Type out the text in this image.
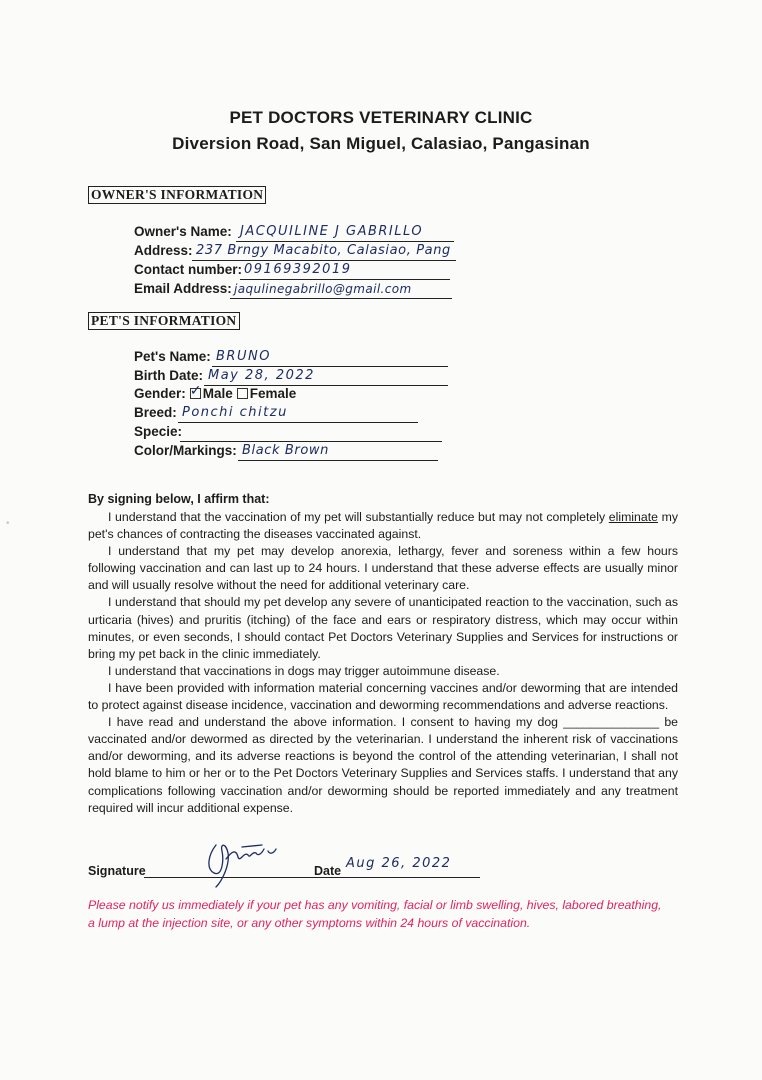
PET DOCTORS VETERINARY CLINIC
Diversion Road, San Miguel, Calasiao, Pangasinan
OWNER'S INFORMATION
Owner's Name: JACQUILINE J GABRILLO
Address: 237 Brngy Macabito, Calasiao, Pang
Contact number: 09169392019
Email Address: jaqulinegabrillo@gmail.com
PET'S INFORMATION
Pet's Name: BRUNO
Birth Date: May 28, 2022
Gender:✓ Male Female
Breed: Ponchi chitzu
Specie:
Color/Markings: Black Brown
By signing below, I affirm that:

I understand that the vaccination of my pet will substantially reduce but may not completely eliminate my pet's chances of contracting the diseases vaccinated against.

I understand that my pet may develop anorexia, lethargy, fever and soreness within a few hours following vaccination and can last up to 24 hours. I understand that these adverse effects are usually minor and will usually resolve without the need for additional veterinary care.

I understand that should my pet develop any severe of unanticipated reaction to the vaccination, such as urticaria (hives) and pruritis (itching) of the face and ears or respiratory distress, which may occur within minutes, or even seconds, I should contact Pet Doctors Veterinary Supplies and Services for instructions or bring my pet back in the clinic immediately.

I understand that vaccinations in dogs may trigger autoimmune disease.

I have been provided with information material concerning vaccines and/or deworming that are intended to protect against disease incidence, vaccination and deworming recommendations and adverse reactions.

I have read and understand the above information. I consent to having my dog ______________ be vaccinated and/or dewormed as directed by the veterinarian. I understand the inherent risk of vaccinations and/or deworming, and its adverse reactions is beyond the control of the attending veterinarian, I shall not hold blame to him or her or to the Pet Doctors Veterinary Supplies and Services staffs. I understand that any complications following vaccination and/or deworming should be reported immediately and any treatment required will incur additional expense.

Signature	Date Aug 26, 2022
Please notify us immediately if your pet has any vomiting, facial or limb swelling, hives, labored breathing, a lump at the injection site, or any other symptoms within 24 hours of vaccination.
•
